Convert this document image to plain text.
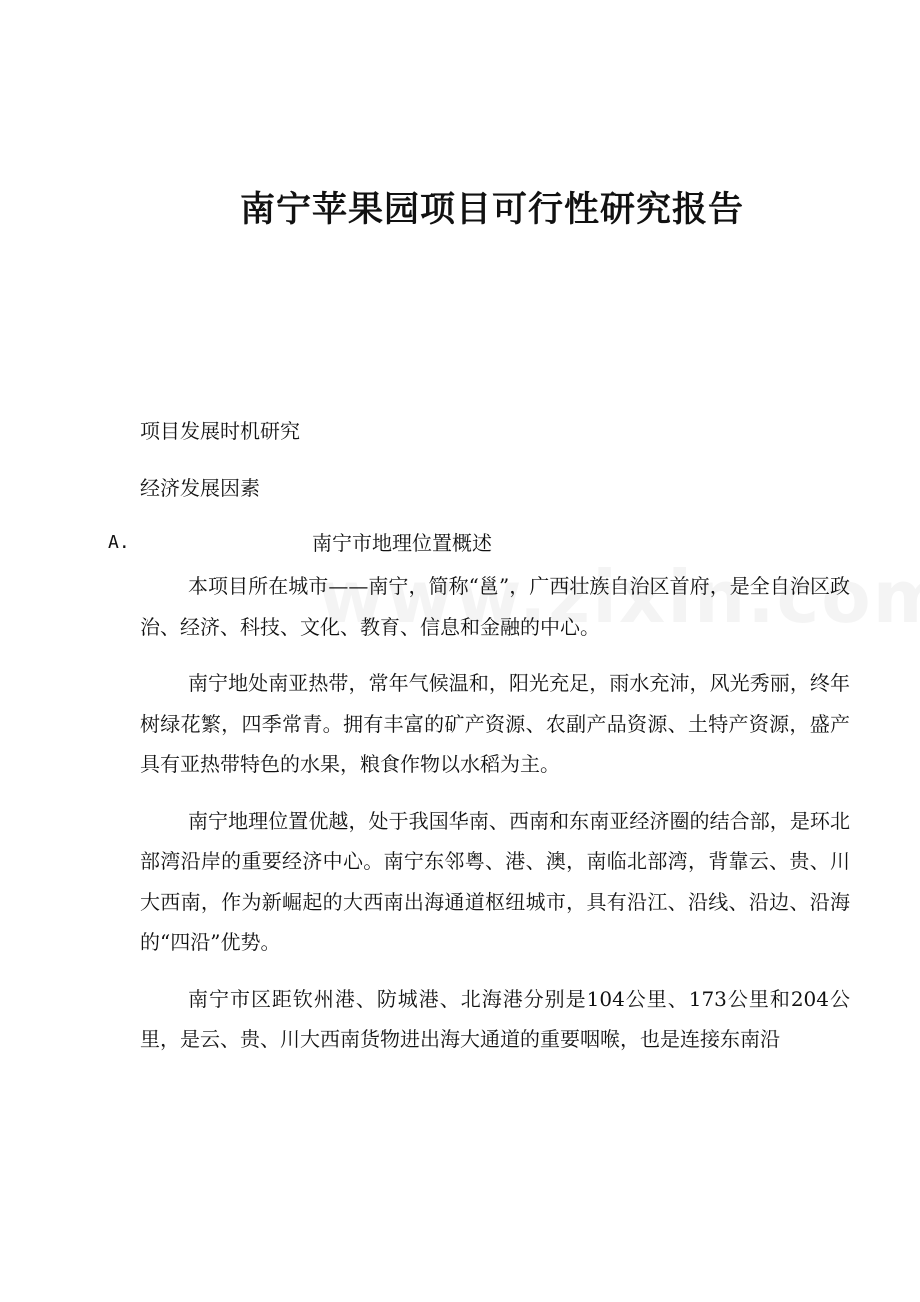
南宁苹果园项目可行性研究报告
项目发展时机研究
经济发展因素
A.	南宁市地理位置概述

本项目所在城市——南宁，简称“邕”，广西壮族自治区首府，是全自治区政治、经济、科技、文化、教育、信息和金融的中心。

南宁地处南亚热带，常年气候温和，阳光充足，雨水充沛，风光秀丽，终年树绿花繁，四季常青。拥有丰富的矿产资源、农副产品资源、土特产资源，盛产具有亚热带特色的水果，粮食作物以水稻为主。

南宁地理位置优越，处于我国华南、西南和东南亚经济圈的结合部，是环北部湾沿岸的重要经济中心。南宁东邻粤、港、澳，南临北部湾，背靠云、贵、川大西南，作为新崛起的大西南出海通道枢纽城市，具有沿江、沿线、沿边、沿海的“四沿”优势。

南宁市区距钦州港、防城港、北海港分别是104公里、173公里和204公里，是云、贵、川大西南货物进出海大通道的重要咽喉，也是连接东南沿
